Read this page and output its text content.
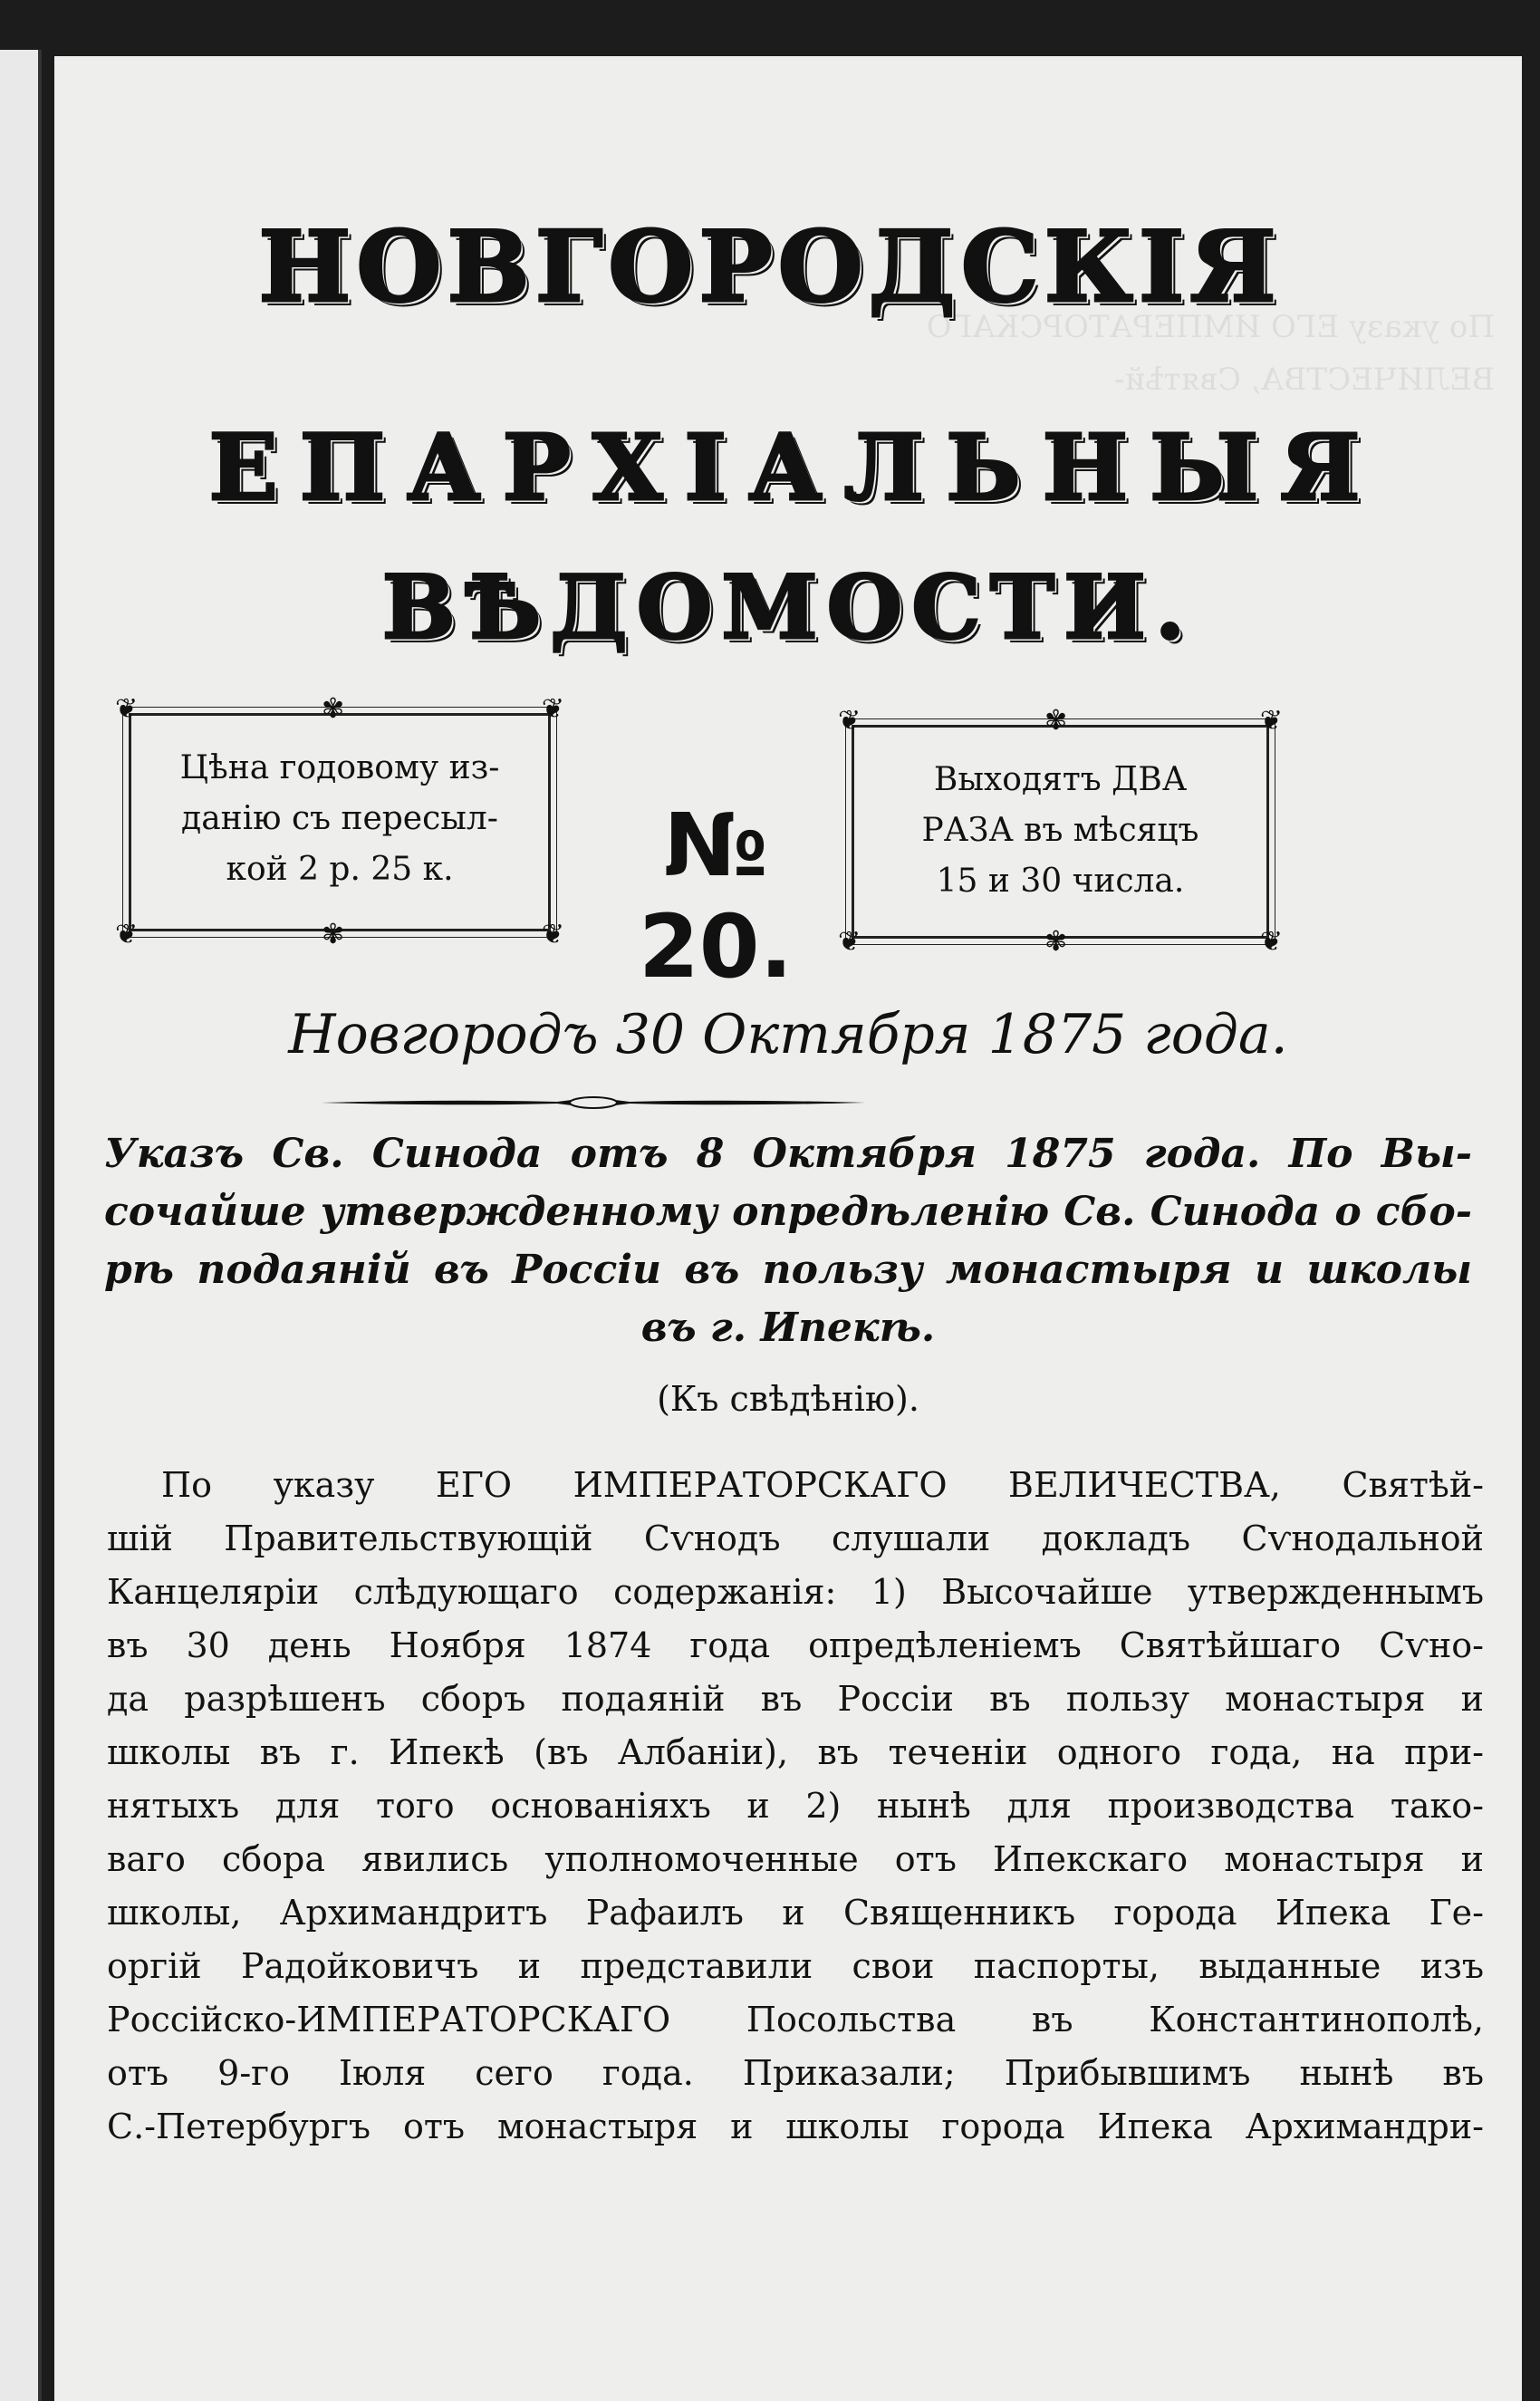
По указу ЕГО ИМПЕРАТОРСКАГО ВЕЛИЧЕСТВА, Святѣй-
НОВГОРОДСКІЯ
ЕПАРХІАЛЬНЫЯ
ВѢДОМОСТИ.
❦	❦
❦	❦
✾
✾
Цѣна годовому из-
данію съ пересыл-
кой 2 р. 25 к.	№ 20.
❦	❦
❦	❦
✾
✾
Выходятъ ДВА
РАЗА въ мѣсяцъ
15 и 30 числа.
Новгородъ 30 Октября 1875 года.
Указъ Св. Синода отъ 8 Октября 1875 года. По Вы-
сочайше утвержденному опредѣленію Св. Синода о сбо-
рѣ подаяній въ Россіи въ пользу монастыря и школы
въ г. Ипекѣ.
(Къ свѣдѣнію).
По указу ЕГО ИМПЕРАТОРСКАГО ВЕЛИЧЕСТВА, Святѣй-
шій Правительствующій Сѵнодъ слушали докладъ Сѵнодальной
Канцеляріи слѣдующаго содержанія: 1) Высочайше утвержденнымъ
въ 30 день Ноября 1874 года опредѣленіемъ Святѣйшаго Сѵно-
да разрѣшенъ сборъ подаяній въ Россіи въ пользу монастыря и
школы въ г. Ипекѣ (въ Албаніи), въ теченіи одного года, на при-
нятыхъ для того основаніяхъ и 2) нынѣ для производства тако-
ваго сбора явились уполномоченные отъ Ипекскаго монастыря и
школы, Архимандритъ Рафаилъ и Священникъ города Ипека Ге-
оргій Радойковичъ и представили свои паспорты, выданные изъ
Россійско-ИМПЕРАТОРСКАГО Посольства въ Константинополѣ,
отъ 9-го Іюля сего года. Приказали; Прибывшимъ нынѣ въ
С.-Петербургъ отъ монастыря и школы города Ипека Архимандри-
